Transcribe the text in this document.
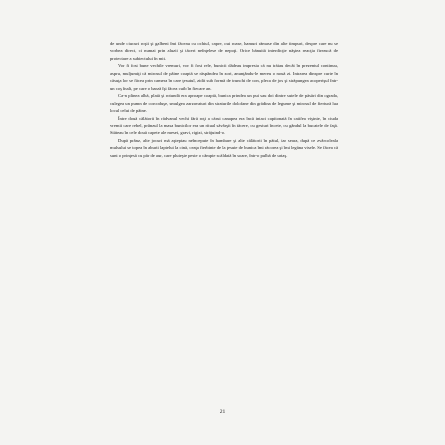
de unde ciucuri roşii şi galbeni îmi făceau cu ochiul, capre, oui roase, hamuri rămase din alte timpuri, despre care nu se vorbea direct, ci numai prin aluzii şi tăceri neînţelese de nepoţi. Orice bănuită interdicţie năştea reacţia firească de protectare a subiectului în mit.

Vor fi fost bune vechile vremuri, vor fi fost rele, bunicii dădeau impresia că nu trăiau decât în prezentul continuu, aspru, muljumiţi că mirosul de pâine coaptă se răspândea în zori, anunţându-le mereu o nouă zi. Intrarea dinspre curte în căsuţa lor se făcea prin camera în care ţesutul, zidit sub formă de trunchi de con, pleca de jos şi străpungea acoperişul într-un coş înalt, pe care o barză îşi făcea cuib în fiecare an.

Ca-n plinea albă, plată şi rotundă era aproape coaptă, bunica prindea un pui sau doi dintre sutele de păsări din ograda, culegea un pumn de corcoduşe, smulgea zarzavaturi din straturile dolofane din grădina de legume şi mirosul de fiertură lua locul celui de pâine.

Între două călătorii în rădvanul vechi fără roţi a cărui canapea era încă intact capitonată în catifea vişinie, în ciuda vremii care rebel, prânzul la masa bunicilor era un ritual săvârşit în tăcere, cu gesturi încete, cu gândul la bucatele de faţă. Stăteau în cele două capete ale mesei, gravi, rigizi, străjuind-o.

După prânz, alte jocuri mă aşteptau neîncepute în hambare şi alte călătorii în pătul, iar seara, după ce zvârcoleala mulsului se topea în aburii laptelui la cină, ceaţa fierbinte de la ţesute de bunica îmi răcorea şi îmi legăna visele. Se făcea că sunt o prinţesă cu păr de aur, care pluteşte peste o câmpie scăldată în soare, într-o pulbă de uriaş.

21
